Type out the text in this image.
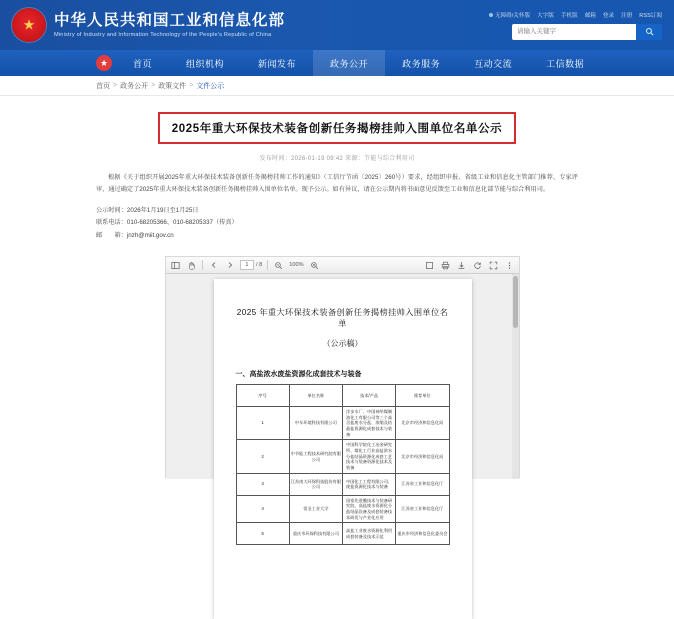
★
中华人民共和国工业和信息化部
Ministry of Industry and Information Technology of the People's Republic of China
无障碍/关怀版 大字版 手机版 邮箱 登录 注册 RSS订阅
请输入关键字
★	首页	组织机构	新闻发布	政务公开	政务服务	互动交流	工信数据
首页 > 政务公开 > 政策文件 > 文件公示
2025年重大环保技术装备创新任务揭榜挂帅入围单位名单公示
发布时间：2026-01-19 09:42 来源：节能与综合利用司

根据《关于组织开展2025年重大环保技术装备创新任务揭榜挂帅工作的通知》（工信厅节函〔2025〕260号）要求，经组织申报、省级工业和信息化主管部门推荐、专家评审，通过确定了2025年重大环保技术装备创新任务揭榜挂帅入围单位名单。现予公示。如有异议，请在公示期内将书面意见反馈至工业和信息化部节能与综合利用司。

公示时间：2026年1月19日至1月25日

联系电话：010-68205366、010-68205337（传真）

邮　　箱：jnzh@miit.gov.cn

1
/ 8	100%
2025 年重大环保技术装备创新任务揭榜挂帅入围单位名单
（公示稿）
一、高盐浓水废盐资源化成套技术与装备
序号	单位名称	技术/产品	推荐单位
1	中车环境科技有限公司	洋步水厂、中国神华煤制油化工有限公司等三个高含盐废水分盐、浓缩及结晶盐资源化成套技术与装备	北京市经济和信息化局
2	中节能工程技术研究院有限公司	中国科学院化工冶金研究所、煤化工行业高盐浓水分盐结晶资源化成套工艺技术与装备资源化技术及装备	北京市经济和信息化局
3	江苏南大环保科技股份有限公司	中国化工工程有限公司、废盐资源化技术与装备	江苏省工业和信息化厅
4	常圣工业大学	国家先进膜技术与装备研究院、高盐废水资源化分盐结晶设备及成套装备技术研发与产业化应用	江苏省工业和信息化厅
5	重庆市环保科技有限公司	高盐工业废水资源化利用成套装备及技术示范	重庆市经济和信息化委员会
